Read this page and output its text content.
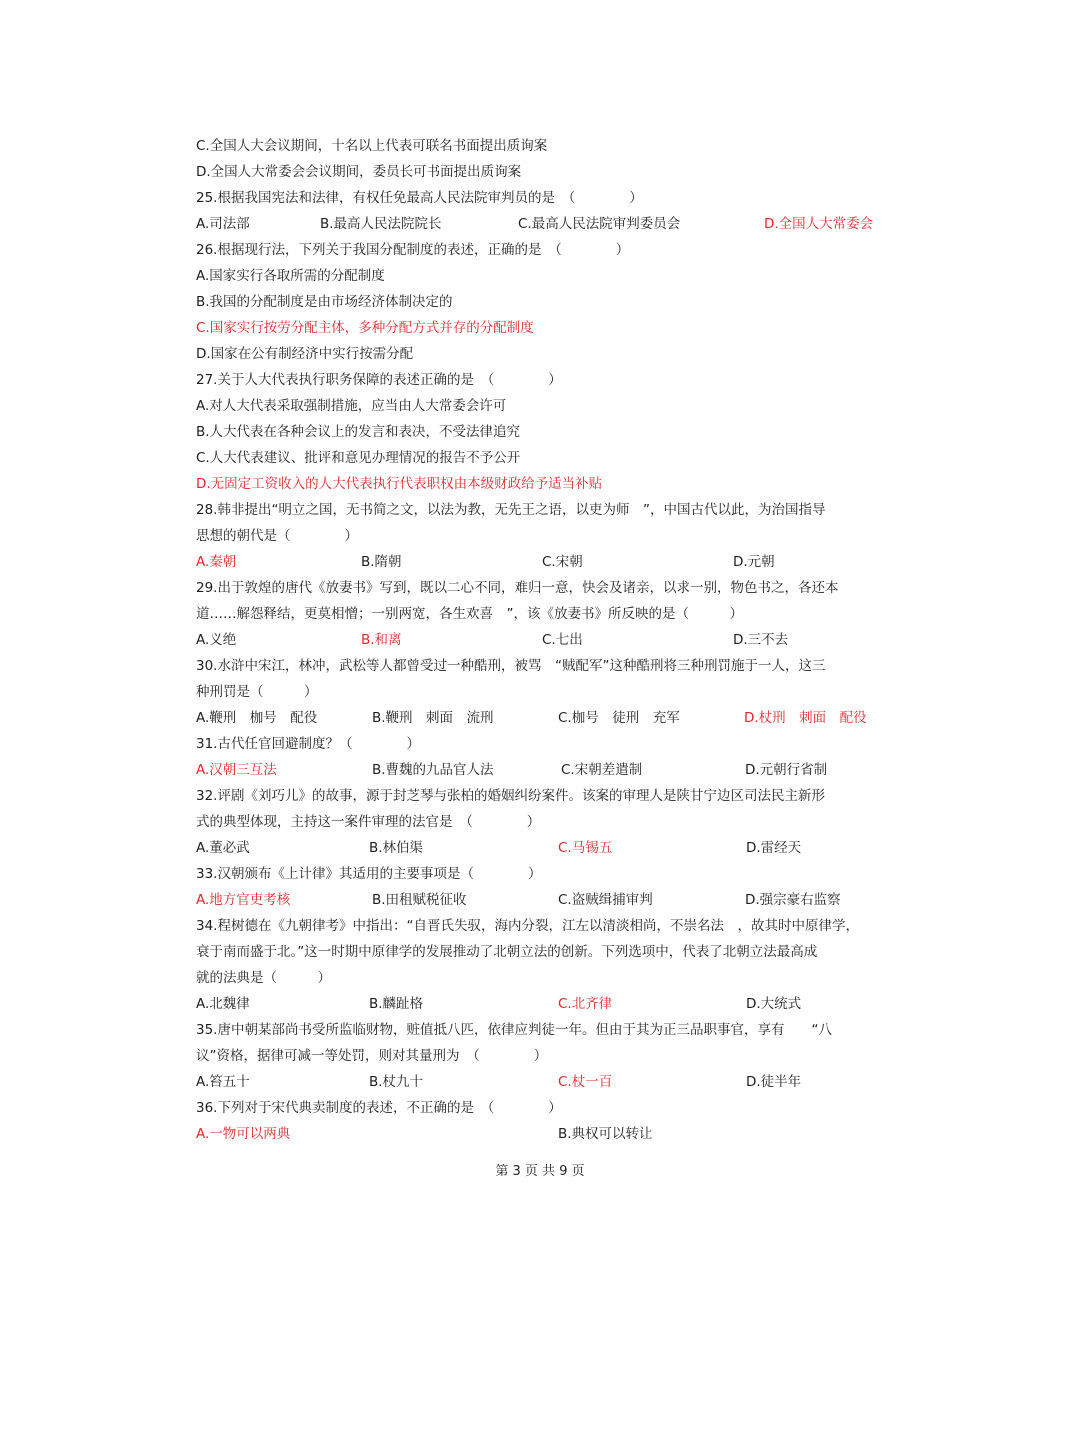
C.全国人大会议期间，十名以上代表可联名书面提出质询案
D.全国人大常委会会议期间，委员长可书面提出质询案
25.根据我国宪法和法律，有权任免最高人民法院审判员的是　（　　　　）
A.司法部	B.最高人民法院院长	C.最高人民法院审判委员会	D.全国人大常委会
26.根据现行法，下列关于我国分配制度的表述，正确的是　（　　　　）
A.国家实行各取所需的分配制度
B.我国的分配制度是由市场经济体制决定的
C.国家实行按劳分配主体，多种分配方式并存的分配制度
D.国家在公有制经济中实行按需分配
27.关于人大代表执行职务保障的表述正确的是　（　　　　）
A.对人大代表采取强制措施，应当由人大常委会许可
B.人大代表在各种会议上的发言和表决，不受法律追究
C.人大代表建议、批评和意见办理情况的报告不予公开
D.无固定工资收入的人大代表执行代表职权由本级财政给予适当补贴
28.韩非提出“明立之国，无书简之文，以法为教，无先王之语，以吏为师　”，中国古代以此，为治国指导
思想的朝代是（　　　　）
A.秦朝	B.隋朝	C.宋朝	D.元朝
29.出于敦煌的唐代《放妻书》写到，既以二心不同，难归一意，快会及诸亲，以求一别，物色书之，各还本
道……解怨释结，更莫相憎；一别两宽，各生欢喜　”，该《放妻书》所反映的是（　　　）
A.义绝	B.和离	C.七出	D.三不去
30.水浒中宋江，林冲，武松等人都曾受过一种酷刑，被骂　“贼配军”这种酷刑将三种刑罚施于一人，这三
种刑罚是（　　　）
A.鞭刑　枷号　配役	B.鞭刑　刺面　流刑	C.枷号　徒刑　充军	D.杖刑　刺面　配役
31.古代任官回避制度？（　　　　）
A.汉朝三互法	B.曹魏的九品官人法	C.宋朝差遣制	D.元朝行省制
32.评剧《刘巧儿》的故事，源于封芝琴与张柏的婚姻纠纷案件。该案的审理人是陕甘宁边区司法民主新形
式的典型体现，主持这一案件审理的法官是　（　　　　）
A.董必武	B.林伯渠	C.马锡五	D.雷经天
33.汉朝颁布《上计律》其适用的主要事项是（　　　　）
A.地方官吏考核	B.田租赋税征收	C.盗贼缉捕审判	D.强宗豪右监察
34.程树德在《九朝律考》中指出：“自晋氏失驭，海内分裂，江左以清淡相尚，不崇名法　，故其时中原律学，
衰于南而盛于北。”这一时期中原律学的发展推动了北朝立法的创新。下列选项中，代表了北朝立法最高成
就的法典是（　　　）
A.北魏律	B.麟趾格	C.北齐律	D.大统式
35.唐中朝某部尚书受所监临财物，赃值抵八匹，依律应判徒一年。但由于其为正三品职事官，享有　　“八
议”资格，据律可减一等处罚，则对其量刑为　（　　　　）
A.笞五十	B.杖九十	C.杖一百	D.徒半年
36.下列对于宋代典卖制度的表述，不正确的是　（　　　　）
A.一物可以两典	B.典权可以转让
第 3 页 共 9 页
